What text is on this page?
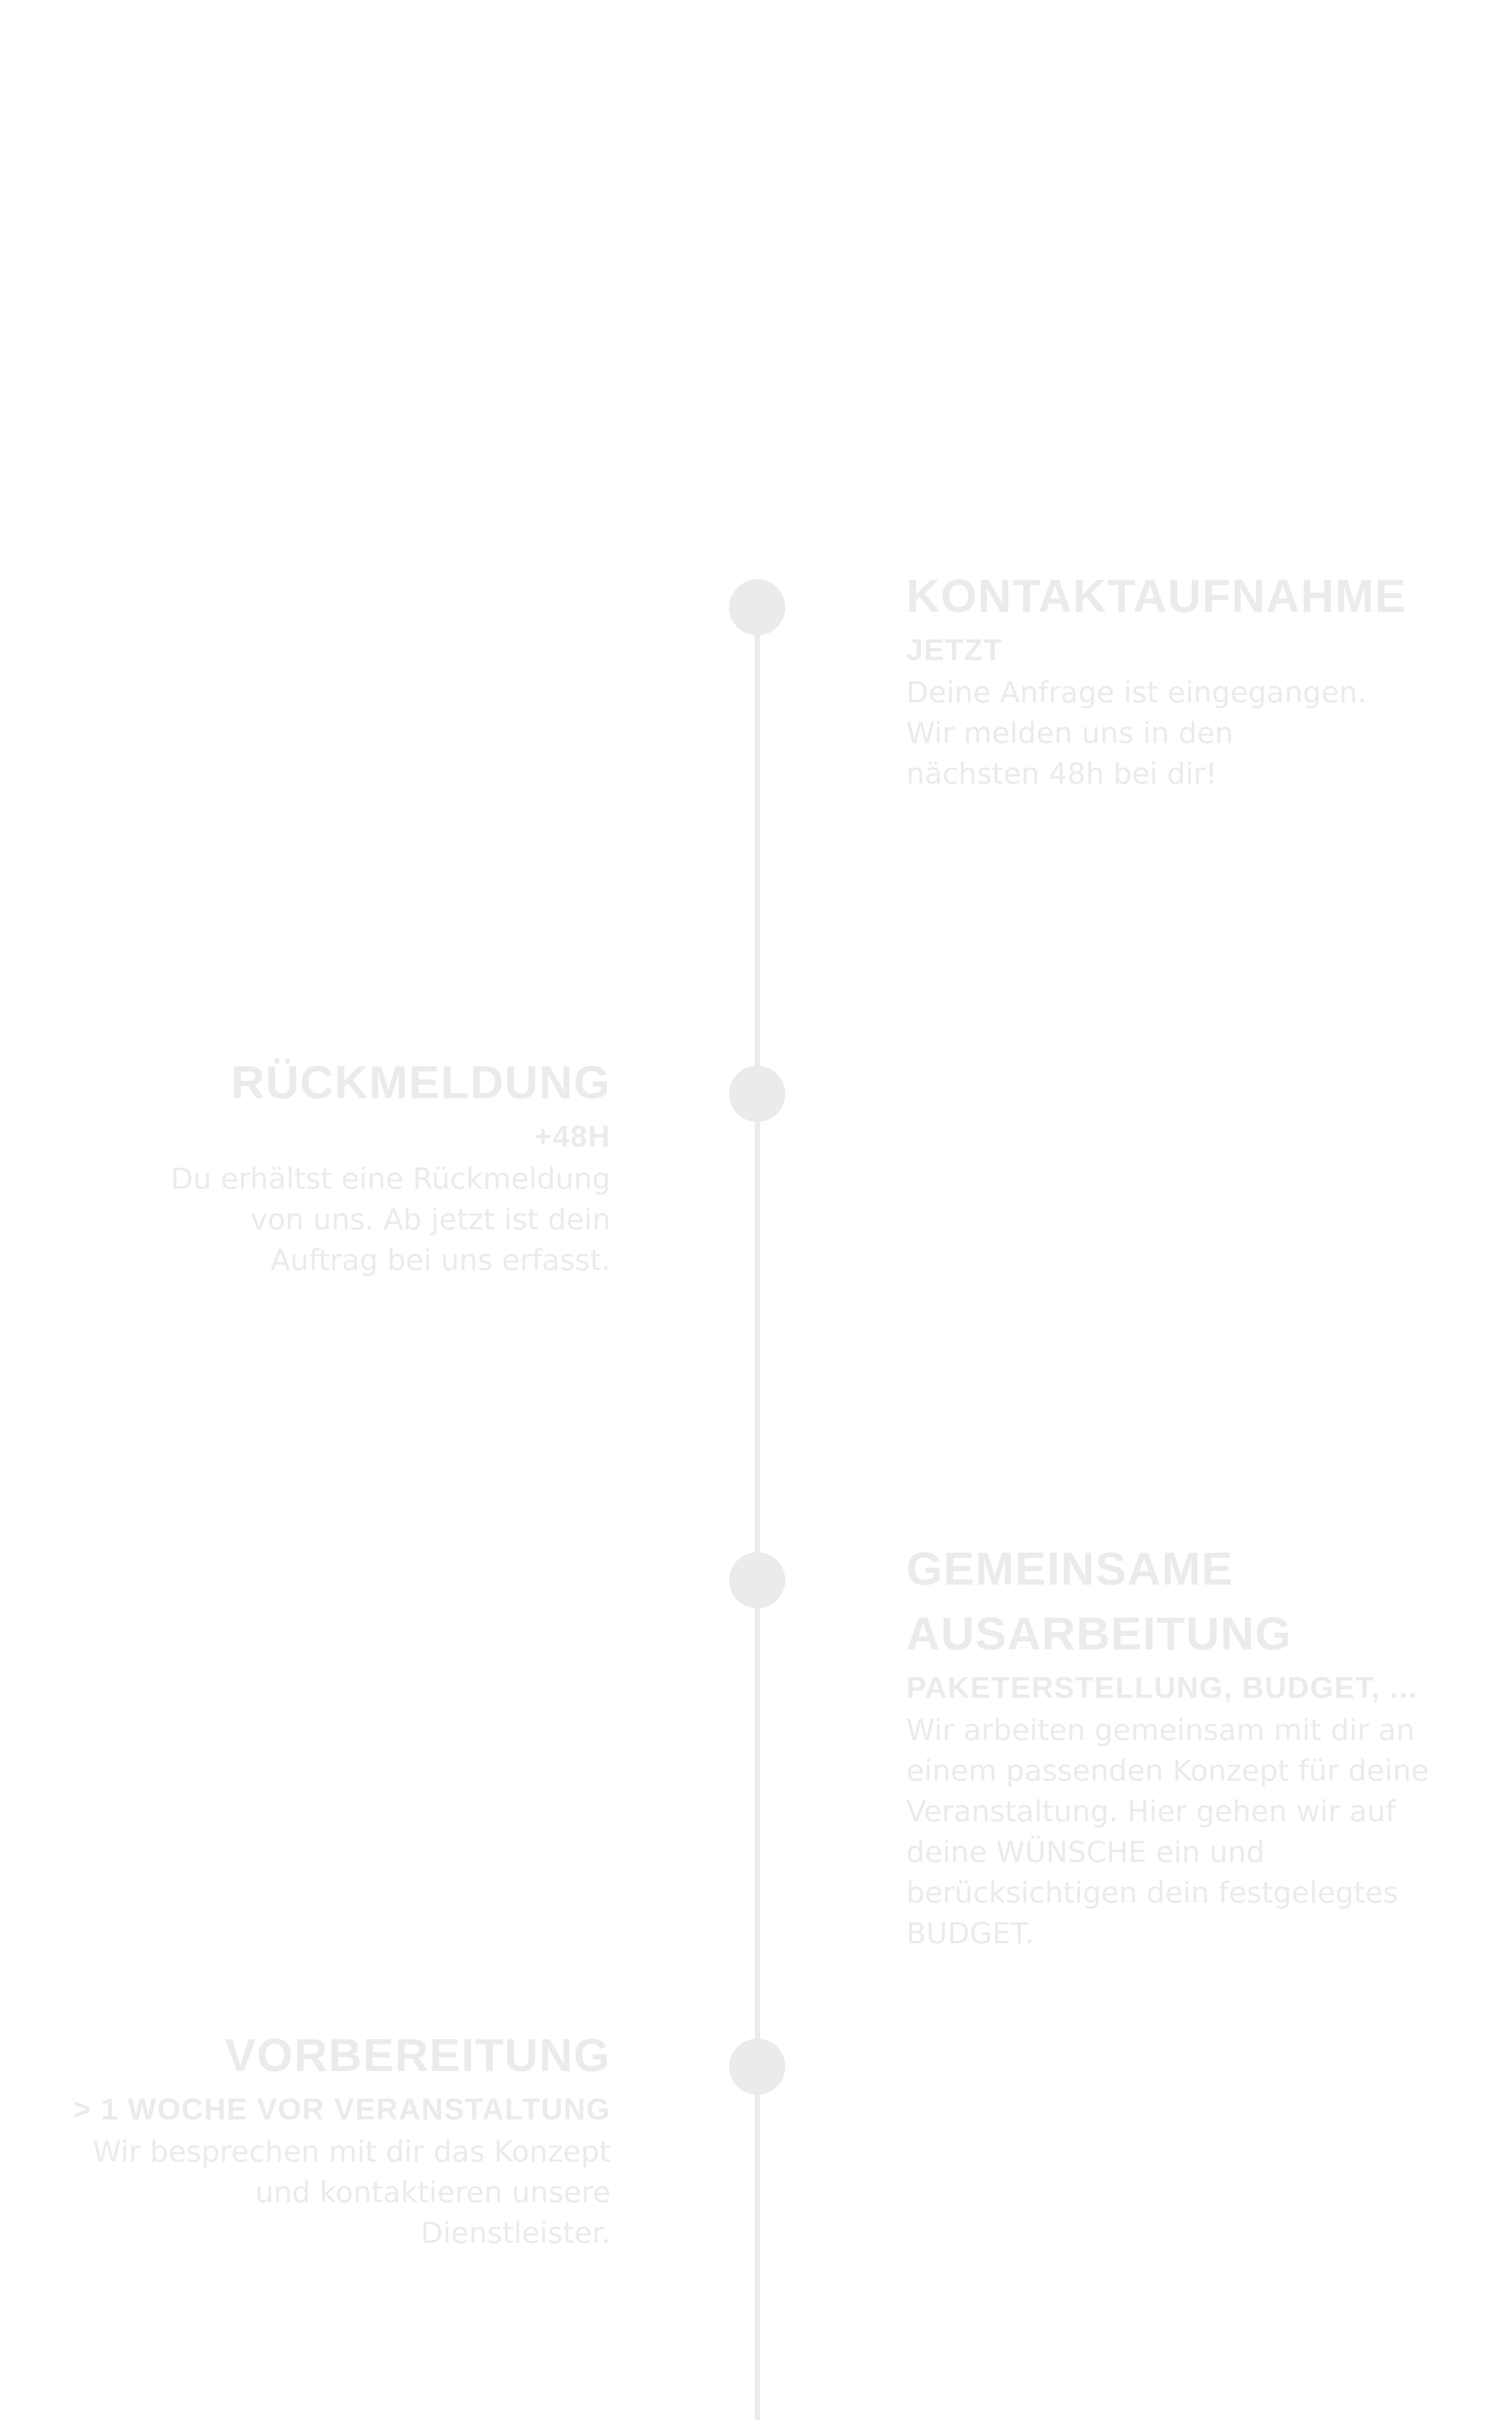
KONTAKTAUFNAHME
JETZT
Deine Anfrage ist eingegangen.
Wir melden uns in den
nächsten 48h bei dir!
RÜCKMELDUNG
+48H
Du erhältst eine Rückmeldung
von uns. Ab jetzt ist dein
Auftrag bei uns erfasst.
GEMEINSAME AUSARBEITUNG
PAKETERSTELLUNG, BUDGET, ...
Wir arbeiten gemeinsam mit dir an
einem passenden Konzept für deine
Veranstaltung. Hier gehen wir auf
deine WÜNSCHE ein und
berücksichtigen dein festgelegtes
BUDGET.
VORBEREITUNG
> 1 WOCHE VOR VERANSTALTUNG
Wir besprechen mit dir das Konzept
und kontaktieren unsere
Dienstleister.
